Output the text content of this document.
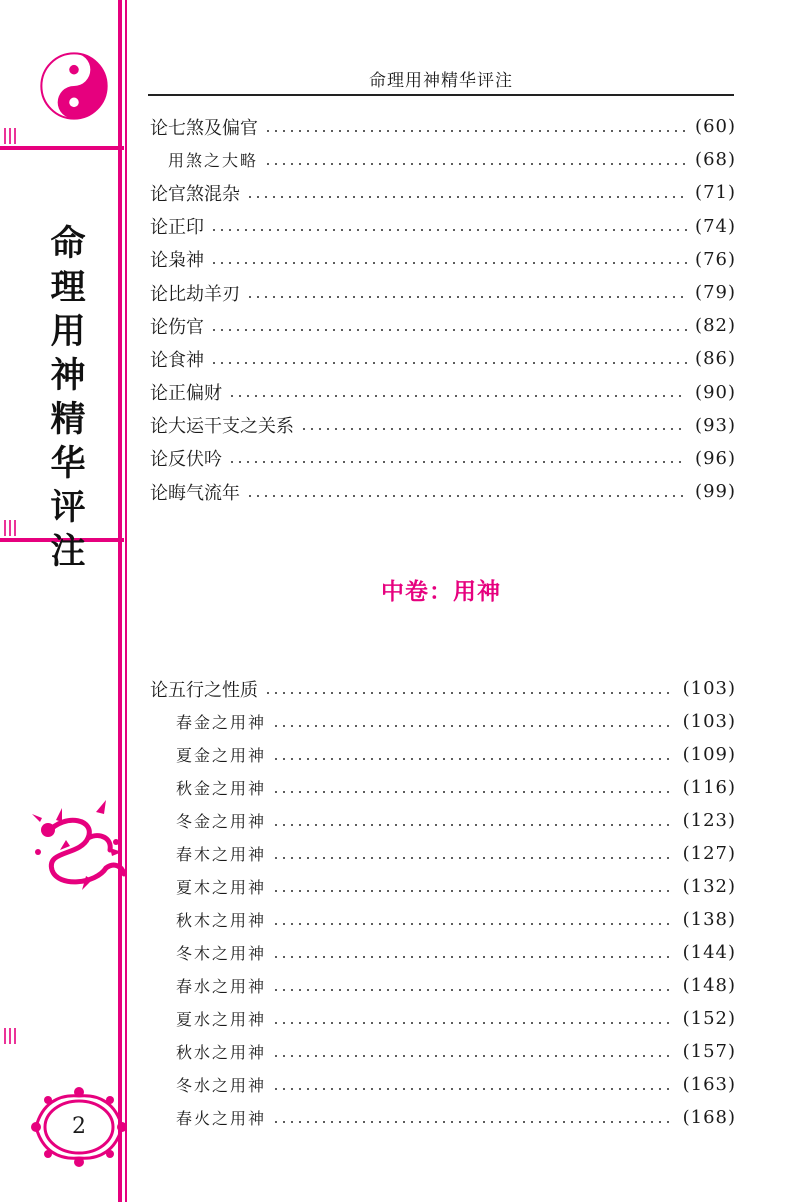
命
理
用
神
精
华
评
注
2
命理用神精华评注
论七煞及偏官	(60)
用煞之大略	(68)
论官煞混杂	(71)
论正印	(74)
论枭神	(76)
论比劫羊刃	(79)
论伤官	(82)
论食神	(86)
论正偏财	(90)
论大运干支之关系	(93)
论反伏吟	(96)
论晦气流年	(99)
中卷：用神
论五行之性质	(103)
春金之用神	(103)
夏金之用神	(109)
秋金之用神	(116)
冬金之用神	(123)
春木之用神	(127)
夏木之用神	(132)
秋木之用神	(138)
冬木之用神	(144)
春水之用神	(148)
夏水之用神	(152)
秋水之用神	(157)
冬水之用神	(163)
春火之用神	(168)
